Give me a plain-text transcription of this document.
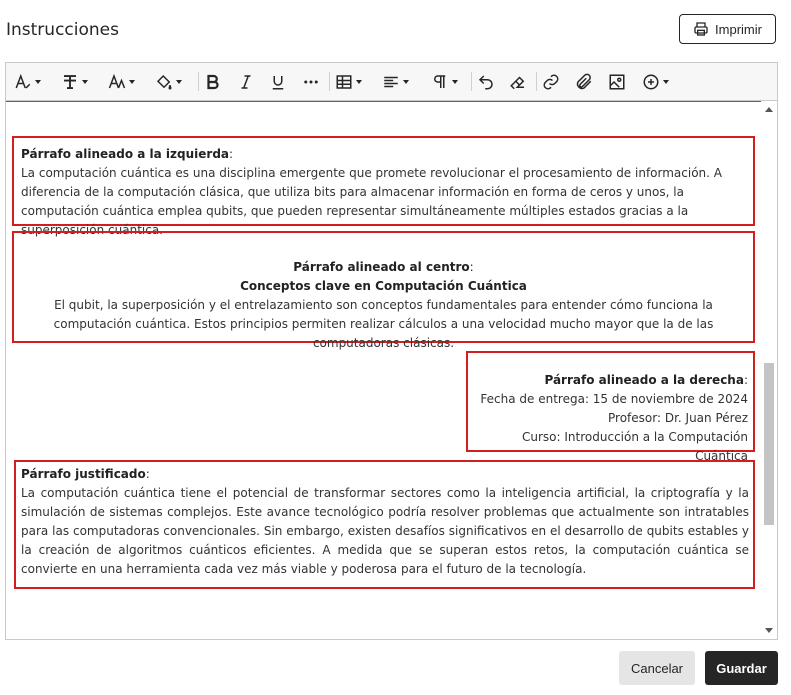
Instrucciones	Imprimir
Párrafo alineado a la izquierda:
La computación cuántica es una disciplina emergente que promete revolucionar el procesamiento de información. A diferencia de la computación clásica, que utiliza bits para almacenar información en forma de ceros y unos, la computación cuántica emplea qubits, que pueden representar simultáneamente múltiples estados gracias a la superposición cuántica.
Párrafo alineado al centro:
Conceptos clave en Computación Cuántica
El qubit, la superposición y el entrelazamiento son conceptos fundamentales para entender cómo funciona la computación cuántica. Estos principios permiten realizar cálculos a una velocidad mucho mayor que la de las computadoras clásicas.
Párrafo alineado a la derecha:
Fecha de entrega: 15 de noviembre de 2024
Profesor: Dr. Juan Pérez
Curso: Introducción a la Computación Cuántica
Párrafo justificado:
La computación cuántica tiene el potencial de transformar sectores como la inteligencia artificial, la criptografía y la simulación de sistemas complejos. Este avance tecnológico podría resolver problemas que actualmente son intratables para las computadoras convencionales. Sin embargo, existen desafíos significativos en el desarrollo de qubits estables y la creación de algoritmos cuánticos eficientes. A medida que se superan estos retos, la computación cuántica se convierte en una herramienta cada vez más viable y poderosa para el futuro de la tecnología.
Cancelar	Guardar
